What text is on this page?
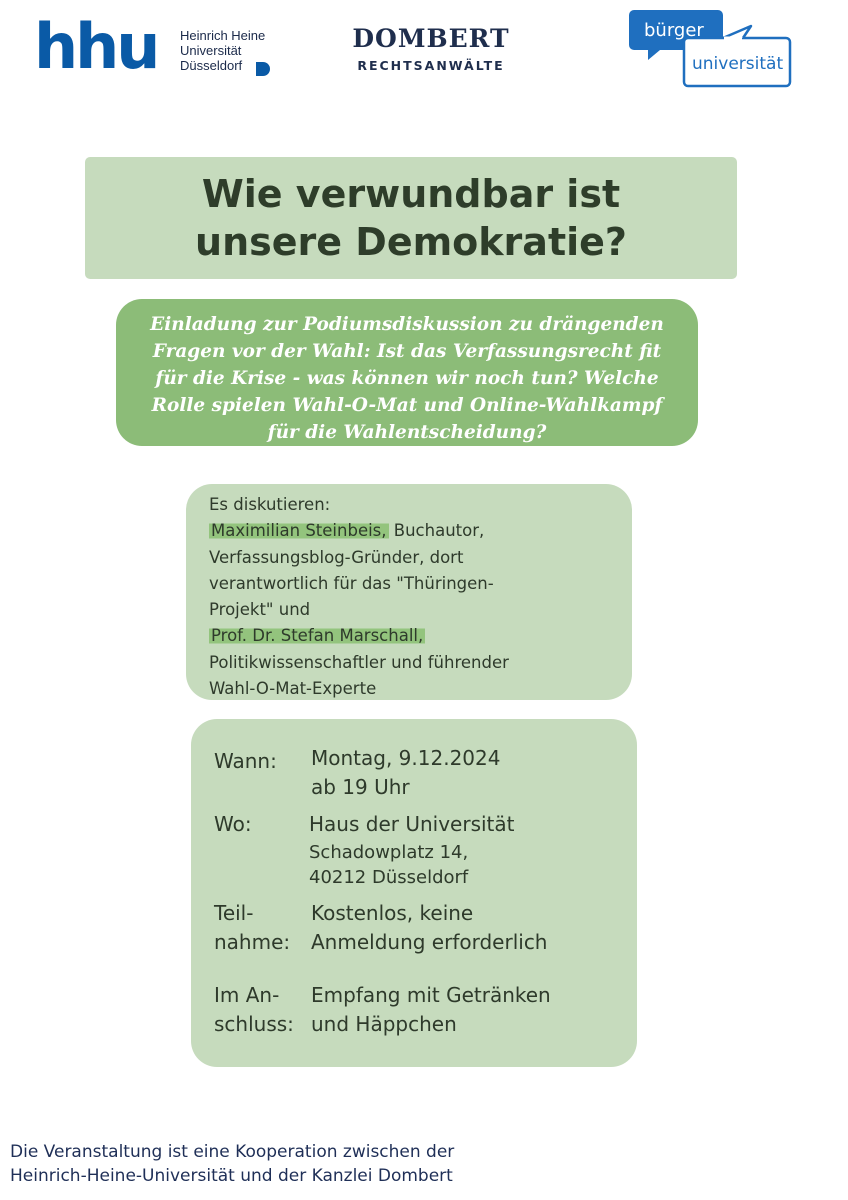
hhu Heinrich Heine
Universität
Düsseldorf
DOMBERT
RECHTSANWÄLTE
bürger
universität
Wie verwundbar ist
unsere Demokratie?
Einladung zur Podiumsdiskussion zu drängenden
Fragen vor der Wahl: Ist das Verfassungsrecht fit
für die Krise - was können wir noch tun? Welche
Rolle spielen Wahl-O-Mat und Online-Wahlkampf
für die Wahlentscheidung?
Es diskutieren:
Maximilian Steinbeis, Buchautor,
Verfassungsblog-Gründer, dort
verantwortlich für das "Thüringen-
Projekt" und
Prof. Dr. Stefan Marschall,
Politikwissenschaftler und führender
Wahl-O-Mat-Experte
Wann: Montag, 9.12.2024
ab 19 Uhr
Wo:	Haus der Universität
Schadowplatz 14,
40212 Düsseldorf
Teil-
nahme:
Kostenlos, keine
Anmeldung erforderlich
Im An-
schluss:
Empfang mit Getränken
und Häppchen
Die Veranstaltung ist eine Kooperation zwischen der
Heinrich-Heine-Universität und der Kanzlei Dombert
